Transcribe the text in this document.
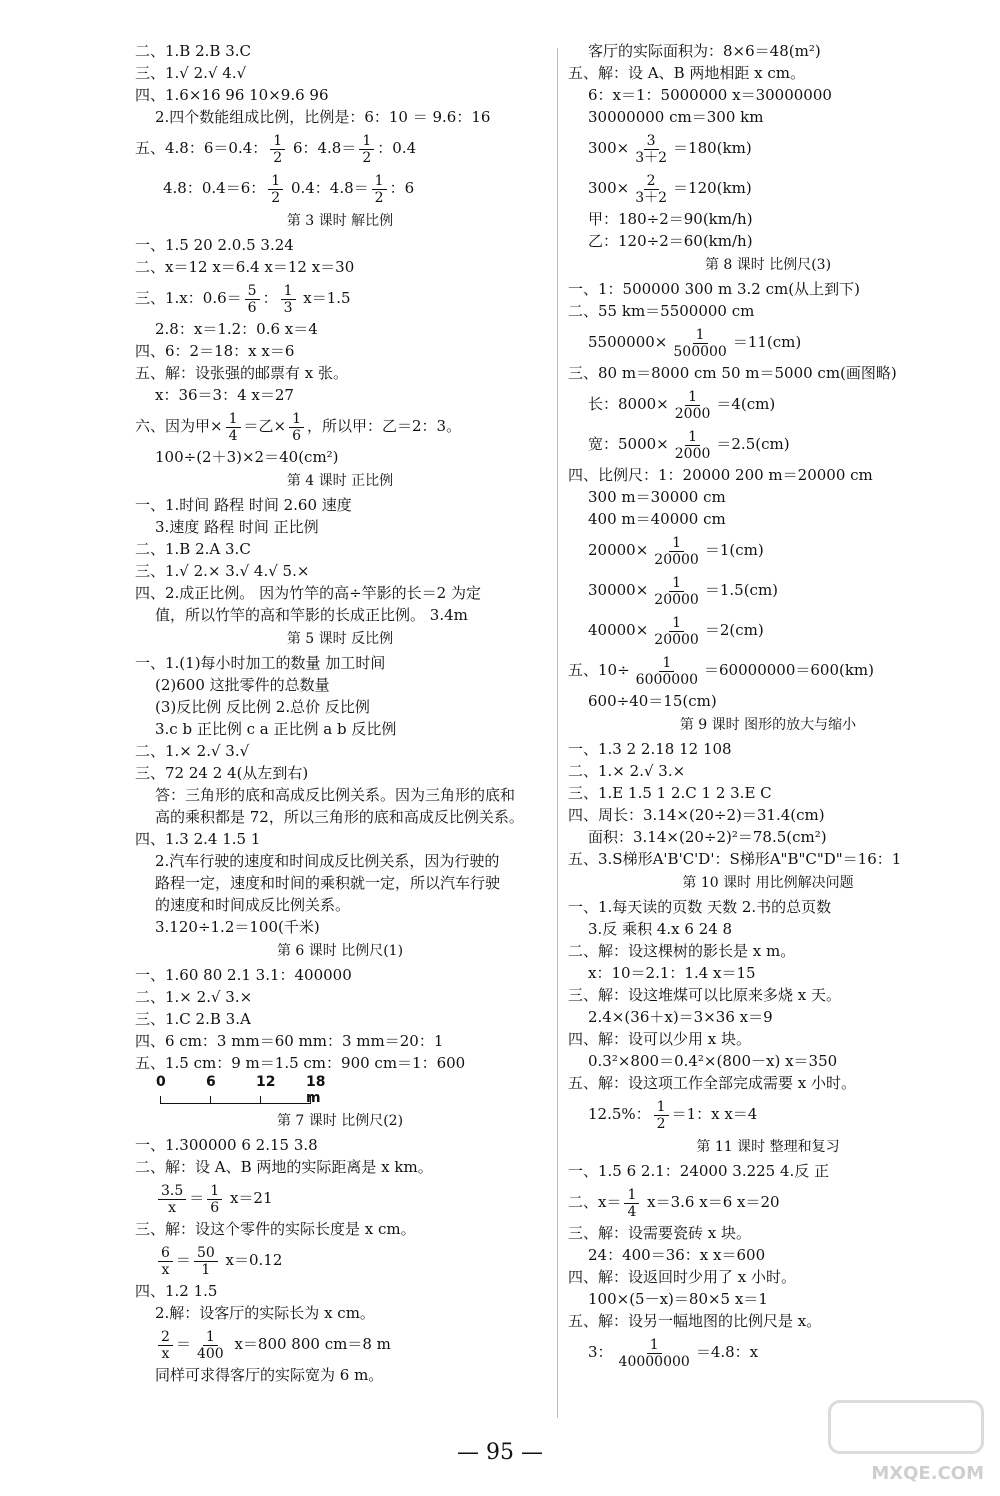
二、1.B 2.B 3.C

三、1.√ 2.√ 4.√

四、1.6×16 96 10×9.6 96

2.四个数能组成比例，比例是：6：10 ＝ 9.6：16

五、4.8：6＝0.4： $\frac{1}{2} 6$：$4.8= \frac{1}{2}$ ：0.4

4.8：0.4＝6： $\frac{1}{2} 0.4$：$4.8= \frac{1}{2}$ ：6

第 3 课时 解比例

一、1.5 20 2.0.5 3.24

二、x＝12 x＝6.4 x＝12 x＝30

三、1.x：$0.6= \frac{5}{6}$ ： $\frac{1}{3} x=1.5$

2.8：x＝1.2：0.6 x＝4

四、6：2＝18：x x＝6

五、解：设张强的邮票有 x 张。

x：36＝3：4 x＝27

六、因为甲× $\frac{1}{4}$ ＝乙× $\frac{1}{6}$ ，所以甲：乙＝2：3。

100÷(2＋3)×2＝40(cm²)

第 4 课时 正比例

一、1.时间 路程 时间 2.60 速度

3.速度 路程 时间 正比例

二、1.B 2.A 3.C

三、1.√ 2.× 3.√ 4.√ 5.×

四、2.成正比例。 因为竹竿的高÷竿影的长＝2 为定

值，所以竹竿的高和竿影的长成正比例。 3.4m

第 5 课时 反比例

一、1.(1)每小时加工的数量 加工时间

(2)600 这批零件的总数量

(3)反比例 反比例 2.总价 反比例

3.c b 正比例 c a 正比例 a b 反比例

二、1.× 2.√ 3.√

三、72 24 2 4(从左到右)

答：三角形的底和高成反比例关系。因为三角形的底和

高的乘积都是 72，所以三角形的底和高成反比例关系。

四、1.3 2.4 1.5 1

2.汽车行驶的速度和时间成反比例关系，因为行驶的

路程一定，速度和时间的乘积就一定，所以汽车行驶

的速度和时间成反比例关系。

3.120÷1.2＝100(千米)

第 6 课时 比例尺(1)

一、1.60 80 2.1 3.1：400000

二、1.× 2.√ 3.×

三、1.C 2.B 3.A

四、6 cm：3 mm＝60 mm：3 mm＝20：1

五、1.5 cm：9 m＝1.5 cm：900 cm＝1：600

0	6	12 18 m

第 7 课时 比例尺(2)

一、1.300000 6 2.15 3.8

二、解：设 A、B 两地的实际距离是 x km。

$\frac{3.5}{x} = \frac{1}{6} x=21$

三、解：设这个零件的实际长度是 x cm。

$\frac{6}{x} = \frac{50}{1} x=0.12$

四、1.2 1.5

2.解：设客厅的实际长为 x cm。

$\frac{2}{x} = \frac{1}{400} x=800$ 800 cm＝8 m

同样可求得客厅的实际宽为 6 m。

客厅的实际面积为：8×6＝48(m²)

五、解：设 A、B 两地相距 x cm。

6：x＝1：5000000 x＝30000000

30000000 cm＝300 km

$300\times \frac{3}{3+2} =180(km)$

$300\times \frac{2}{3+2} =120(km)$

甲：180÷2＝90(km/h)

乙：120÷2＝60(km/h)

第 8 课时 比例尺(3)

一、1：500000 300 m 3.2 cm(从上到下)

二、55 km＝5500000 cm

$5500000\times \frac{1}{500000} =11(cm)$

三、80 m＝8000 cm 50 m＝5000 cm(画图略)

长：$8000\times \frac{1}{2000} =4(cm)$

宽：$5000\times \frac{1}{2000} =2.5(cm)$

四、比例尺：1：20000 200 m＝20000 cm

300 m＝30000 cm

400 m＝40000 cm

$20000\times \frac{1}{20000} =1(cm)$

$30000\times \frac{1}{20000} =1.5(cm)$

$40000\times \frac{1}{20000} =2(cm)$

五、$10\div \frac{1}{6000000} =60000000=600(km)$

600÷40＝15(cm)

第 9 课时 图形的放大与缩小

一、1.3 2 2.18 12 108

二、1.× 2.√ 3.×

三、1.E 1.5 1 2.C 1 2 3.E C

四、周长：3.14×(20÷2)＝31.4(cm)

面积：3.14×(20÷2)²＝78.5(cm²)

五、3.S梯形A'B'C'D'：S梯形A"B"C"D"＝16：1

第 10 课时 用比例解决问题

一、1.每天读的页数 天数 2.书的总页数

3.反 乘积 4.x 6 24 8

二、解：设这棵树的影长是 x m。

x：10＝2.1：1.4 x＝15

三、解：设这堆煤可以比原来多烧 x 天。

2.4×(36＋x)＝3×36 x＝9

四、解：设可以少用 x 块。

0.3²×800＝0.4²×(800－x) x＝350

五、解：设这项工作全部完成需要 x 小时。

12.5%： $\frac{1}{2} =1$：x x＝4

第 11 课时 整理和复习

一、1.5 6 2.1：24000 3.225 4.反 正

二、$x= \frac{1}{4} x=3.6$ x＝6 x＝20

三、解：设需要瓷砖 x 块。

24：400＝36：x x＝600

四、解：设返回时少用了 x 小时。

100×(5－x)＝80×5 x＝1

五、解：设另一幅地图的比例尺是 x。

3： $\frac{1}{40000000} =4.8$：x

— 95 —
MXQE.COM
